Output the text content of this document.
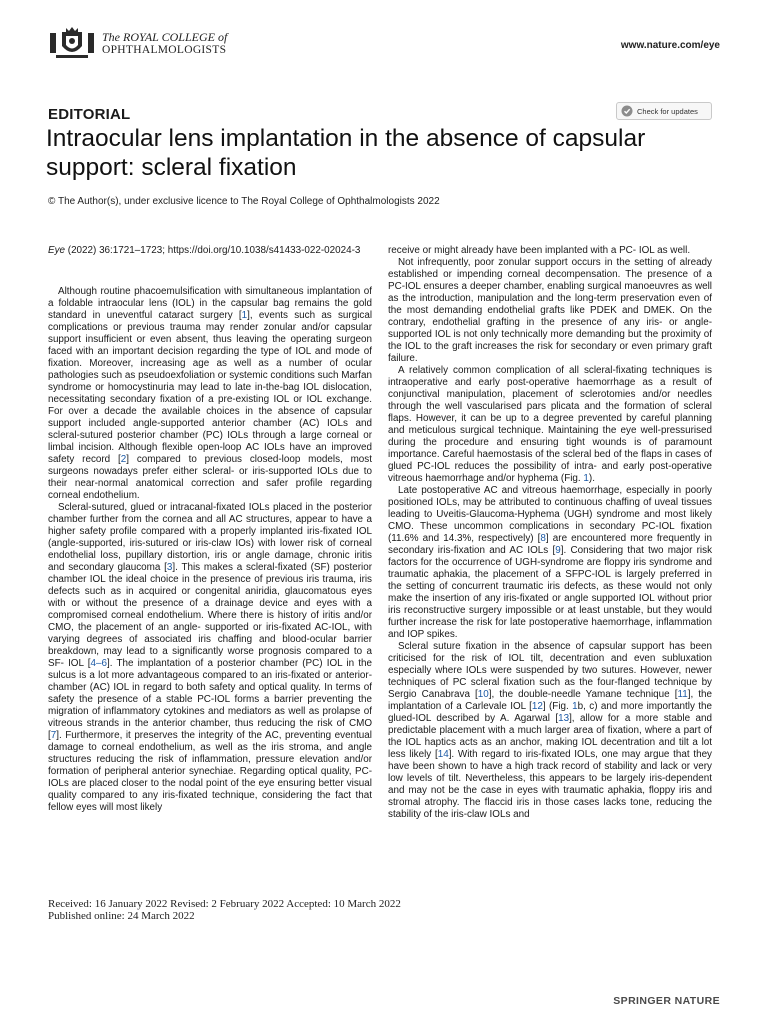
The ROYAL COLLEGE of
OPHTHALMOLOGISTS	www.nature.com/eye
EDITORIAL	Check for updates
Intraocular lens implantation in the absence of capsular support: scleral fixation
© The Author(s), under exclusive licence to The Royal College of Ophthalmologists 2022
Eye (2022) 36:1721–1723; https://doi.org/10.1038/s41433-022-02024-3

Although routine phacoemulsification with simultaneous implantation of a foldable intraocular lens (IOL) in the capsular bag remains the gold standard in uneventful cataract surgery [1], events such as surgical complications or previous trauma may render zonular and/or capsular support insufficient or even absent, thus leaving the operating surgeon faced with an important decision regarding the type of IOL and mode of fixation. Moreover, increasing age as well as a number of ocular pathologies such as pseudoexfoliation or systemic conditions such Marfan syndrome or homocystinuria may lead to late in-the-bag IOL dislocation, necessitating secondary fixation of a pre-existing IOL or IOL exchange. For over a decade the available choices in the absence of capsular support included angle-supported anterior chamber (AC) IOLs and scleral-sutured posterior chamber (PC) IOLs through a large corneal or limbal incision. Although flexible open-loop AC IOLs have an improved safety record [2] compared to previous closed-loop models, most surgeons nowadays prefer either scleral- or iris-supported IOLs due to their near-normal anatomical correction and safer profile regarding corneal endothelium.

Scleral-sutured, glued or intracanal-fixated IOLs placed in the posterior chamber further from the cornea and all AC structures, appear to have a higher safety profile compared with a properly implanted iris-fixated IOL (angle-supported, iris-sutured or iris-claw IOs) with lower risk of corneal endothelial loss, pupillary distortion, iris or angle damage, chronic iritis and secondary glaucoma [3]. This makes a scleral-fixated (SF) posterior chamber IOL the ideal choice in the presence of previous iris trauma, iris defects such as in acquired or congenital aniridia, glaucomatous eyes with or without the presence of a drainage device and eyes with a compromised corneal endothelium. Where there is history of iritis and/or CMO, the placement of an angle- supported or iris-fixated AC-IOL, with varying degrees of associated iris chaffing and blood-ocular barrier breakdown, may lead to a significantly worse prognosis compared to a SF- IOL [4–6]. The implantation of a posterior chamber (PC) IOL in the sulcus is a lot more advantageous compared to an iris-fixated or anterior-chamber (AC) IOL in regard to both safety and optical quality. In terms of safety the presence of a stable PC-IOL forms a barrier preventing the migration of inflammatory cytokines and mediators as well as prolapse of vitreous strands in the anterior chamber, thus reducing the risk of CMO [7]. Furthermore, it preserves the integrity of the AC, preventing eventual damage to corneal endothelium, as well as the iris stroma, and angle structures reducing the risk of inflammation, pressure elevation and/or formation of peripheral anterior synechiae. Regarding optical quality, PC-IOLs are placed closer to the nodal point of the eye ensuring better visual quality compared to any iris-fixated technique, considering the fact that fellow eyes will most likely

receive or might already have been implanted with a PC- IOL as well.

Not infrequently, poor zonular support occurs in the setting of already established or impending corneal decompensation. The presence of a PC-IOL ensures a deeper chamber, enabling surgical manoeuvres as well as the introduction, manipulation and the long-term preservation even of the most demanding endothelial grafts like PDEK and DMEK. On the contrary, endothelial grafting in the presence of any iris- or angle-supported IOL is not only technically more demanding but the proximity of the IOL to the graft increases the risk for secondary or even primary graft failure.

A relatively common complication of all scleral-fixating techniques is intraoperative and early post-operative haemorrhage as a result of conjunctival manipulation, placement of sclerotomies and/or needles through the well vascularised pars plicata and the formation of scleral flaps. However, it can be up to a degree prevented by careful planning and meticulous surgical technique. Maintaining the eye well-pressurised during the procedure and ensuring tight wounds is of paramount importance. Careful haemostasis of the scleral bed of the flaps in cases of glued PC-IOL reduces the possibility of intra- and early post-operative vitreous haemorrhage and/or hyphema (Fig. 1).

Late postoperative AC and vitreous haemorrhage, especially in poorly positioned IOLs, may be attributed to continuous chaffing of uveal tissues leading to Uveitis-Glaucoma-Hyphema (UGH) syndrome and most likely CMO. These uncommon complications in secondary PC-IOL fixation (11.6% and 14.3%, respectively) [8] are encountered more frequently in secondary iris-fixation and AC IOLs [9]. Considering that two major risk factors for the occurrence of UGH-syndrome are floppy iris syndrome and traumatic aphakia, the placement of a SFPC-IOL is largely preferred in the setting of concurrent traumatic iris defects, as these would not only make the insertion of any iris-fixated or angle supported IOL without prior iris reconstructive surgery impossible or at least unstable, but they would further increase the risk for late postoperative haemorrhage, inflammation and IOP spikes.

Scleral suture fixation in the absence of capsular support has been criticised for the risk of IOL tilt, decentration and even subluxation especially where IOLs were suspended by two sutures. However, newer techniques of PC scleral fixation such as the four-flanged technique by Sergio Canabrava [10], the double-needle Yamane technique [11], the implantation of a Carlevale IOL [12] (Fig. 1b, c) and more importantly the glued-IOL described by A. Agarwal [13], allow for a more stable and predictable placement with a much larger area of fixation, where a part of the IOL haptics acts as an anchor, making IOL decentration and tilt a lot less likely [14]. With regard to iris-fixated IOLs, one may argue that they have been shown to have a high track record of stability and lack or very low levels of tilt. Nevertheless, this appears to be largely iris-dependent and may not be the case in eyes with traumatic aphakia, floppy iris and stromal atrophy. The flaccid iris in those cases lacks tone, reducing the stability of the iris-claw IOLs and

Received: 16 January 2022 Revised: 2 February 2022 Accepted: 10 March 2022
Published online: 24 March 2022
SPRINGER NATURE
